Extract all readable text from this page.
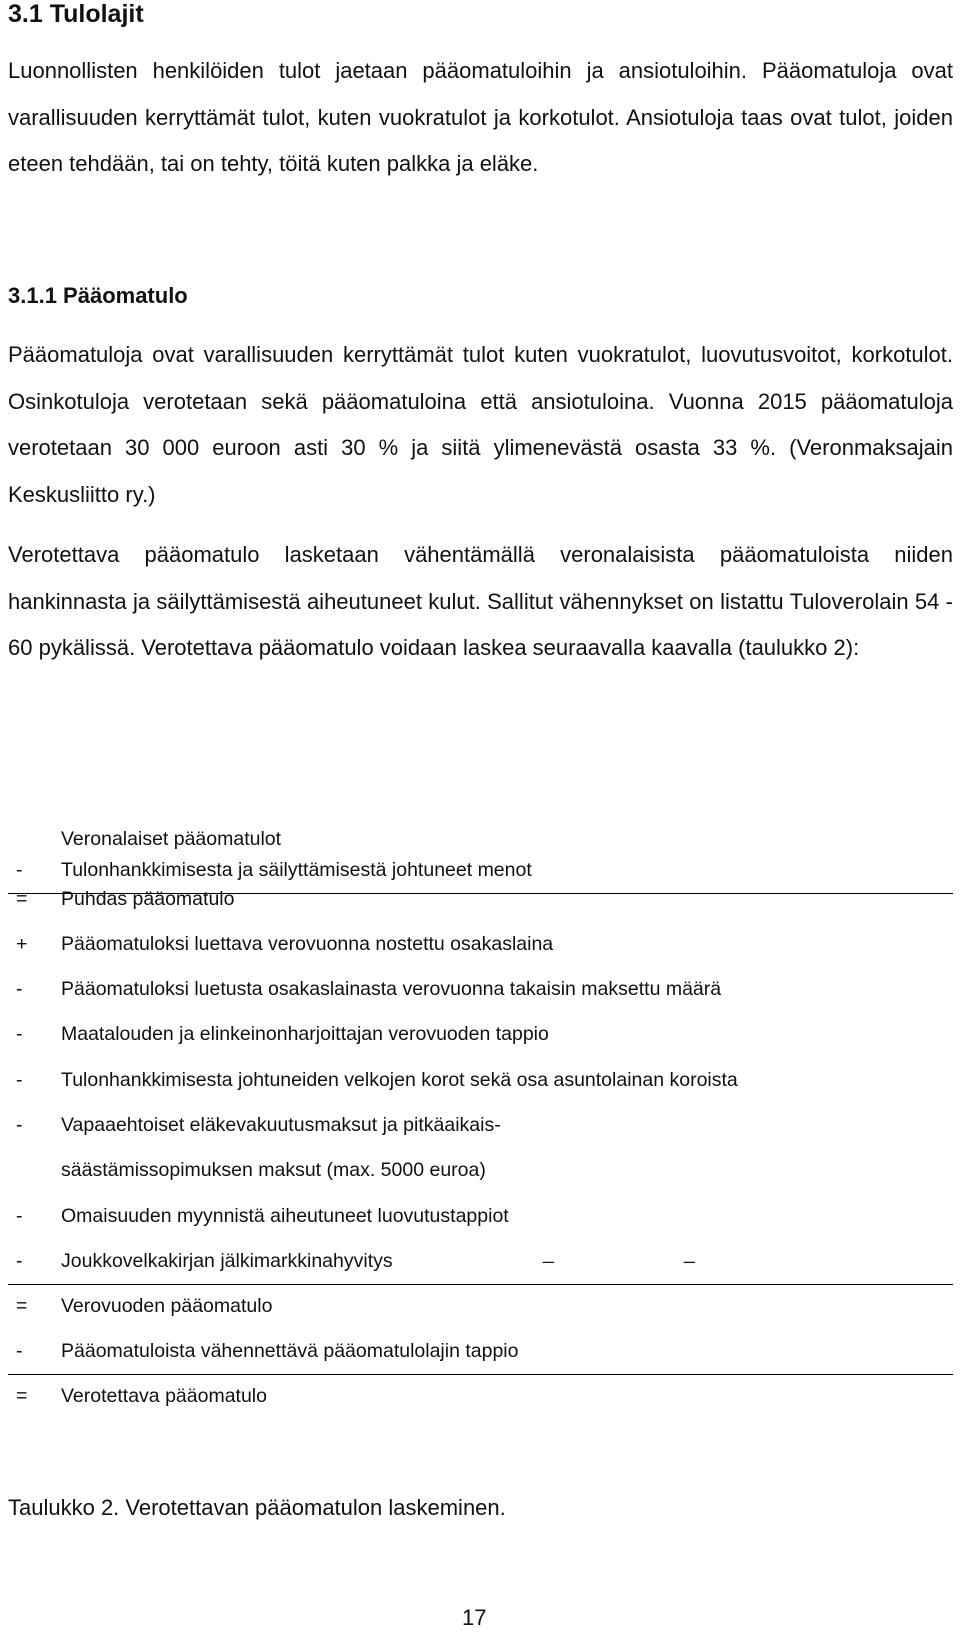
3.1 Tulolajit

Luonnollisten henkilöiden tulot jaetaan pääomatuloihin ja ansiotuloihin. Pääomatuloja ovat varallisuuden kerryttämät tulot, kuten vuokratulot ja korkotulot. Ansiotuloja taas ovat tulot, joiden eteen tehdään, tai on tehty, töitä kuten palkka ja eläke.

3.1.1 Pääomatulo

Pääomatuloja ovat varallisuuden kerryttämät tulot kuten vuokratulot, luovutusvoitot, korkotulot. Osinkotuloja verotetaan sekä pääomatuloina että ansiotuloina. Vuonna 2015 pääomatuloja verotetaan 30 000 euroon asti 30 % ja siitä ylimenevästä osasta 33 %. (Veronmaksajain Keskusliitto ry.)

Verotettava pääomatulo lasketaan vähentämällä veronalaisista pääomatuloista niiden hankinnasta ja säilyttämisestä aiheutuneet kulut. Sallitut vähennykset on listattu Tuloverolain 54 - 60 pykälissä. Verotettava pääomatulo voidaan laskea seuraavalla kaavalla (taulukko 2):

Veronalaiset pääomatulot
-	Tulonhankkimisesta ja säilyttämisestä johtuneet menot
=	Puhdas pääomatulo
+	Pääomatuloksi luettava verovuonna nostettu osakaslaina
-	Pääomatuloksi luetusta osakaslainasta verovuonna takaisin maksettu määrä
-	Maatalouden ja elinkeinonharjoittajan verovuoden tappio
-	Tulonhankkimisesta johtuneiden velkojen korot sekä osa asuntolainan koroista
-	Vapaaehtoiset eläkevakuutusmaksut ja pitkäaikais-
säästämissopimuksen maksut (max. 5000 euroa)
-	Omaisuuden myynnistä aiheutuneet luovutustappiot
-	Joukkovelkakirjan jälkimarkkinahyvitys	_	_
=	Verovuoden pääomatulo
-	Pääomatuloista vähennettävä pääomatulolajin tappio
=	Verotettava pääomatulo

Taulukko 2. Verotettavan pääomatulon laskeminen.

17
